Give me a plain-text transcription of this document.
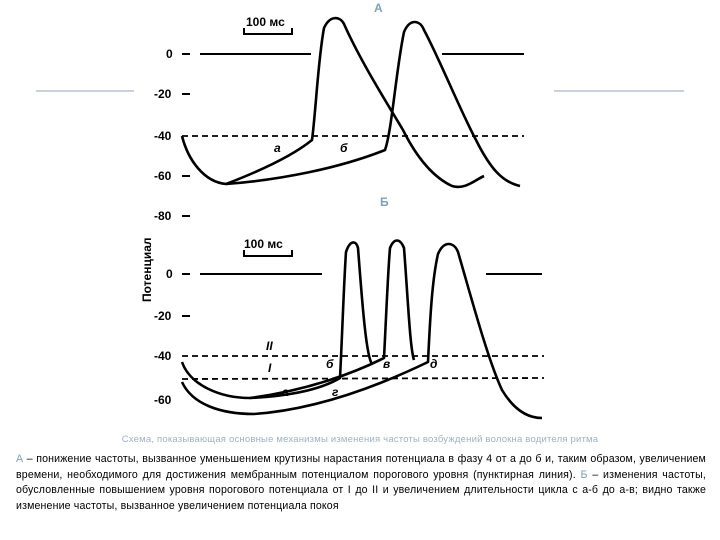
А
100 мс
0
-20
-40
-60
а	б
Б
-80
Потенциал	100 мс
0
-20
-40
-60
II
I
а
б	в
г
д
Схема, показывающая основные механизмы изменения частоты возбуждений волокна водителя ритма
А – понижение частоты, вызванное уменьшением крутизны нарастания потенциала в фазу 4 от а до б и, таким образом, увеличением времени, необходимого для достижения мембранным потенциалом порогового уровня (пунктирная линия). Б – изменения частоты, обусловленные повышением уровня порогового потенциала от I до II и увеличением длительности цикла с а-б до а-в; видно также изменение частоты, вызванное увеличением потенциала покоя
